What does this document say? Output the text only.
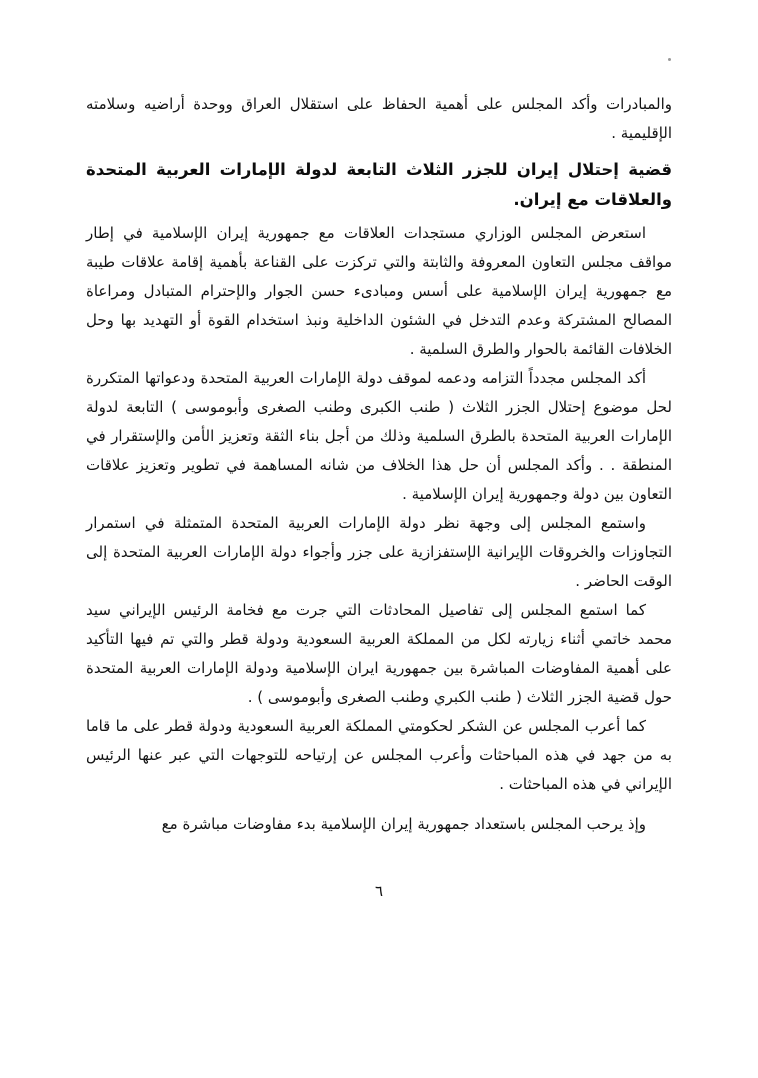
والمبادرات وأكد المجلس على أهمية الحفاظ على استقلال العراق ووحدة أراضيه وسلامته الإقليمية .

قضية إحتلال إيران للجزر الثلاث التابعة لدولة الإمارات العربية المتحدة والعلاقات مع إيران.

استعرض المجلس الوزاري مستجدات العلاقات مع جمهورية إيران الإسلامية في إطار مواقف مجلس التعاون المعروفة والثابتة والتي تركزت على القناعة بأهمية إقامة علاقات طيبة مع جمهورية إيران الإسلامية على أسس ومبادىء حسن الجوار والإحترام المتبادل ومراعاة المصالح المشتركة وعدم التدخل في الشئون الداخلية ونبذ استخدام القوة أو التهديد بها وحل الخلافات القائمة بالحوار والطرق السلمية .

أكد المجلس مجدداً التزامه ودعمه لموقف دولة الإمارات العربية المتحدة ودعواتها المتكررة لحل موضوع إحتلال الجزر الثلاث ( طنب الكبرى وطنب الصغرى وأبوموسى ) التابعة لدولة الإمارات العربية المتحدة بالطرق السلمية وذلك من أجل بناء الثقة وتعزيز الأمن والإستقرار في المنطقة . . وأكد المجلس أن حل هذا الخلاف من شانه المساهمة في تطوير وتعزيز علاقات التعاون بين دولة وجمهورية إيران الإسلامية .

واستمع المجلس إلى وجهة نظر دولة الإمارات العربية المتحدة المتمثلة في استمرار التجاوزات والخروقات الإيرانية الإستفزازية على جزر وأجواء دولة الإمارات العربية المتحدة إلى الوقت الحاضر .

كما استمع المجلس إلى تفاصيل المحادثات التي جرت مع فخامة الرئيس الإيراني سيد محمد خاتمي أثناء زيارته لكل من المملكة العربية السعودية ودولة قطر والتي تم فيها التأكيد على أهمية المفاوضات المباشرة بين جمهورية ايران الإسلامية ودولة الإمارات العربية المتحدة حول قضية الجزر الثلاث ( طنب الكبري وطنب الصغرى وأبوموسى ) .

كما أعرب المجلس عن الشكر لحكومتي المملكة العربية السعودية ودولة قطر على ما قاما به من جهد في هذه المباحثات وأعرب المجلس عن إرتياحه للتوجهات التي عبر عنها الرئيس الإيراني في هذه المباحثات .

وإذ يرحب المجلس باستعداد جمهورية إيران الإسلامية بدء مفاوضات مباشرة مع

٦
